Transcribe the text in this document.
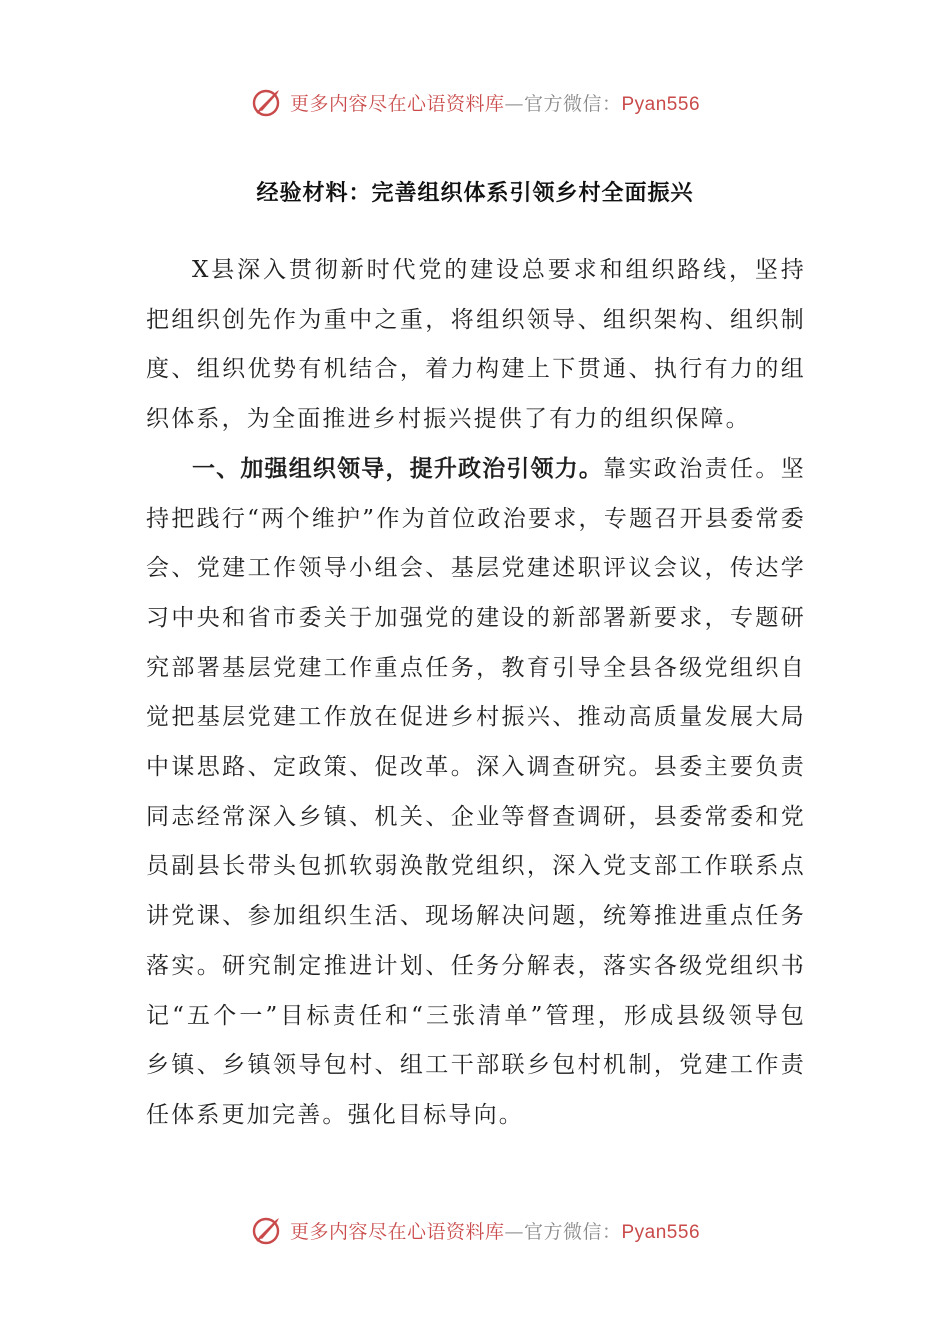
更多内容尽在心语资料库—官方微信：Pyan556
经验材料：完善组织体系引领乡村全面振兴

X县深入贯彻新时代党的建设总要求和组织路线，坚持把组织创先作为重中之重，将组织领导、组织架构、组织制度、组织优势有机结合，着力构建上下贯通、执行有力的组织体系，为全面推进乡村振兴提供了有力的组织保障。

一、加强组织领导，提升政治引领力。靠实政治责任。坚持把践行“两个维护”作为首位政治要求，专题召开县委常委会、党建工作领导小组会、基层党建述职评议会议，传达学习中央和省市委关于加强党的建设的新部署新要求，专题研究部署基层党建工作重点任务，教育引导全县各级党组织自觉把基层党建工作放在促进乡村振兴、推动高质量发展大局中谋思路、定政策、促改革。深入调查研究。县委主要负责同志经常深入乡镇、机关、企业等督查调研，县委常委和党员副县长带头包抓软弱涣散党组织，深入党支部工作联系点讲党课、参加组织生活、现场解决问题，统筹推进重点任务落实。研究制定推进计划、任务分解表，落实各级党组织书记“五个一”目标责任和“三张清单”管理，形成县级领导包乡镇、乡镇领导包村、组工干部联乡包村机制，党建工作责任体系更加完善。强化目标导向。

更多内容尽在心语资料库—官方微信：Pyan556
